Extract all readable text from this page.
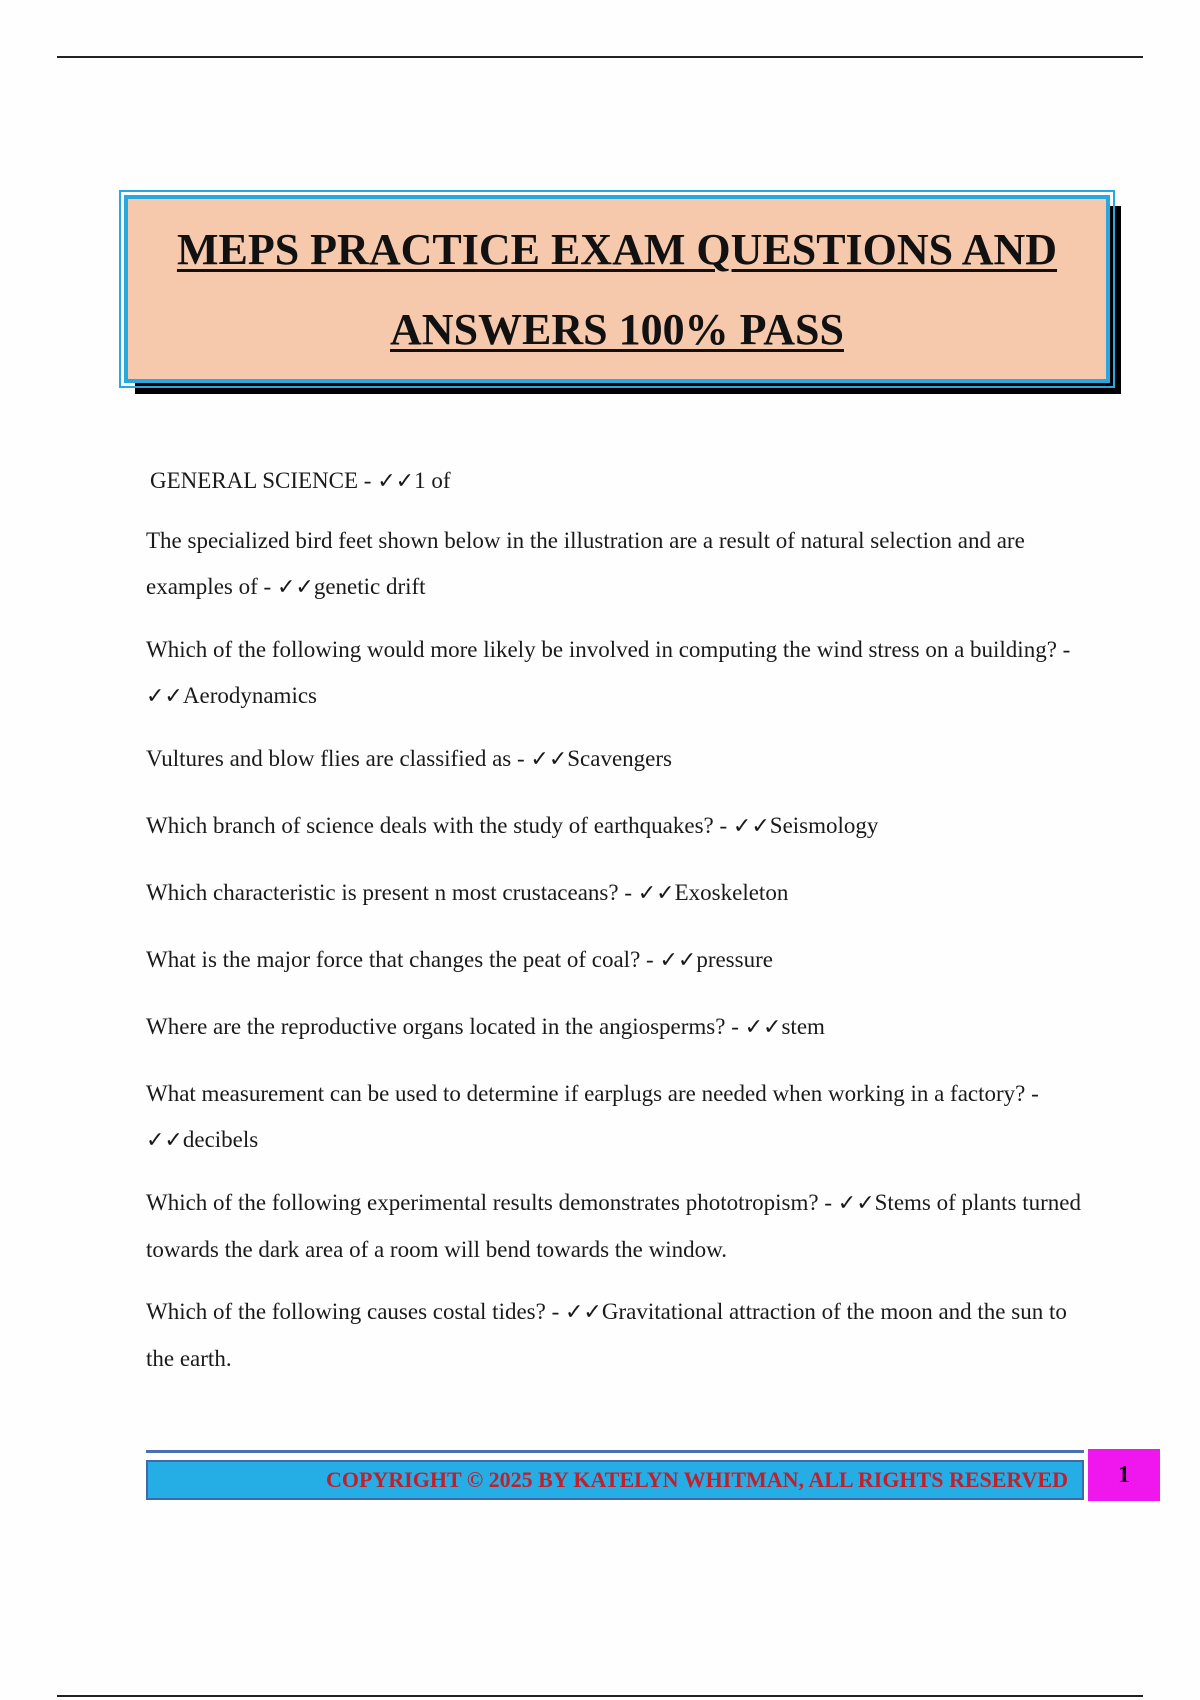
MEPS PRACTICE EXAM QUESTIONS AND
ANSWERS 100% PASS
GENERAL SCIENCE - ✓✓1 of
The specialized bird feet shown below in the illustration are a result of natural selection and are examples of - ✓✓genetic drift
Which of the following would more likely be involved in computing the wind stress on a building? - ✓✓Aerodynamics
Vultures and blow flies are classified as - ✓✓Scavengers
Which branch of science deals with the study of earthquakes? - ✓✓Seismology
Which characteristic is present n most crustaceans? - ✓✓Exoskeleton
What is the major force that changes the peat of coal? - ✓✓pressure
Where are the reproductive organs located in the angiosperms? - ✓✓stem
What measurement can be used to determine if earplugs are needed when working in a factory? - ✓✓decibels
Which of the following experimental results demonstrates phototropism? - ✓✓Stems of plants turned towards the dark area of a room will bend towards the window.
Which of the following causes costal tides? - ✓✓Gravitational attraction of the moon and the sun to the earth.
COPYRIGHT © 2025 BY KATELYN WHITMAN, ALL RIGHTS RESERVED	1
